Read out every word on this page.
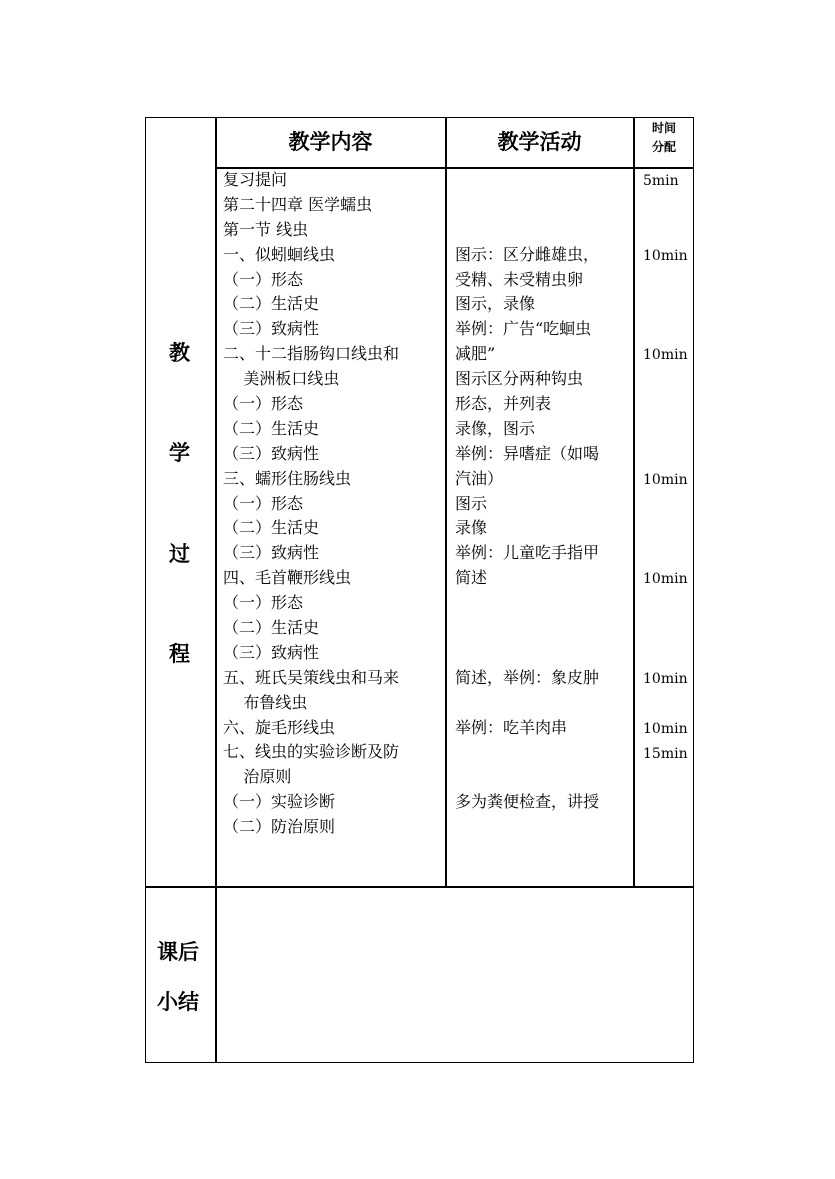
教学内容	教学活动
时间
分配
教
学
过
程
课后
小结
复习提问
第二十四章 医学蠕虫
第一节 线虫
一、似蚓蛔线虫
（一）形态
（二）生活史
（三）致病性
二、十二指肠钩口线虫和
美洲板口线虫
（一）形态
（二）生活史
（三）致病性
三、蠕形住肠线虫
（一）形态
（二）生活史
（三）致病性
四、毛首鞭形线虫
（一）形态
（二）生活史
（三）致病性
五、班氏吴策线虫和马来
布鲁线虫
六、旋毛形线虫
七、线虫的实验诊断及防
治原则
（一）实验诊断
（二）防治原则
图示：区分雌雄虫，
受精、未受精虫卵
图示，录像
举例：广告“吃蛔虫
减肥”
图示区分两种钩虫
形态，并列表
录像，图示
举例：异嗜症（如喝
汽油）
图示
录像
举例：儿童吃手指甲
简述
简述，举例：象皮肿
举例：吃羊肉串
多为粪便检查，讲授
5min
10min
10min
10min
10min
10min
10min
15min
